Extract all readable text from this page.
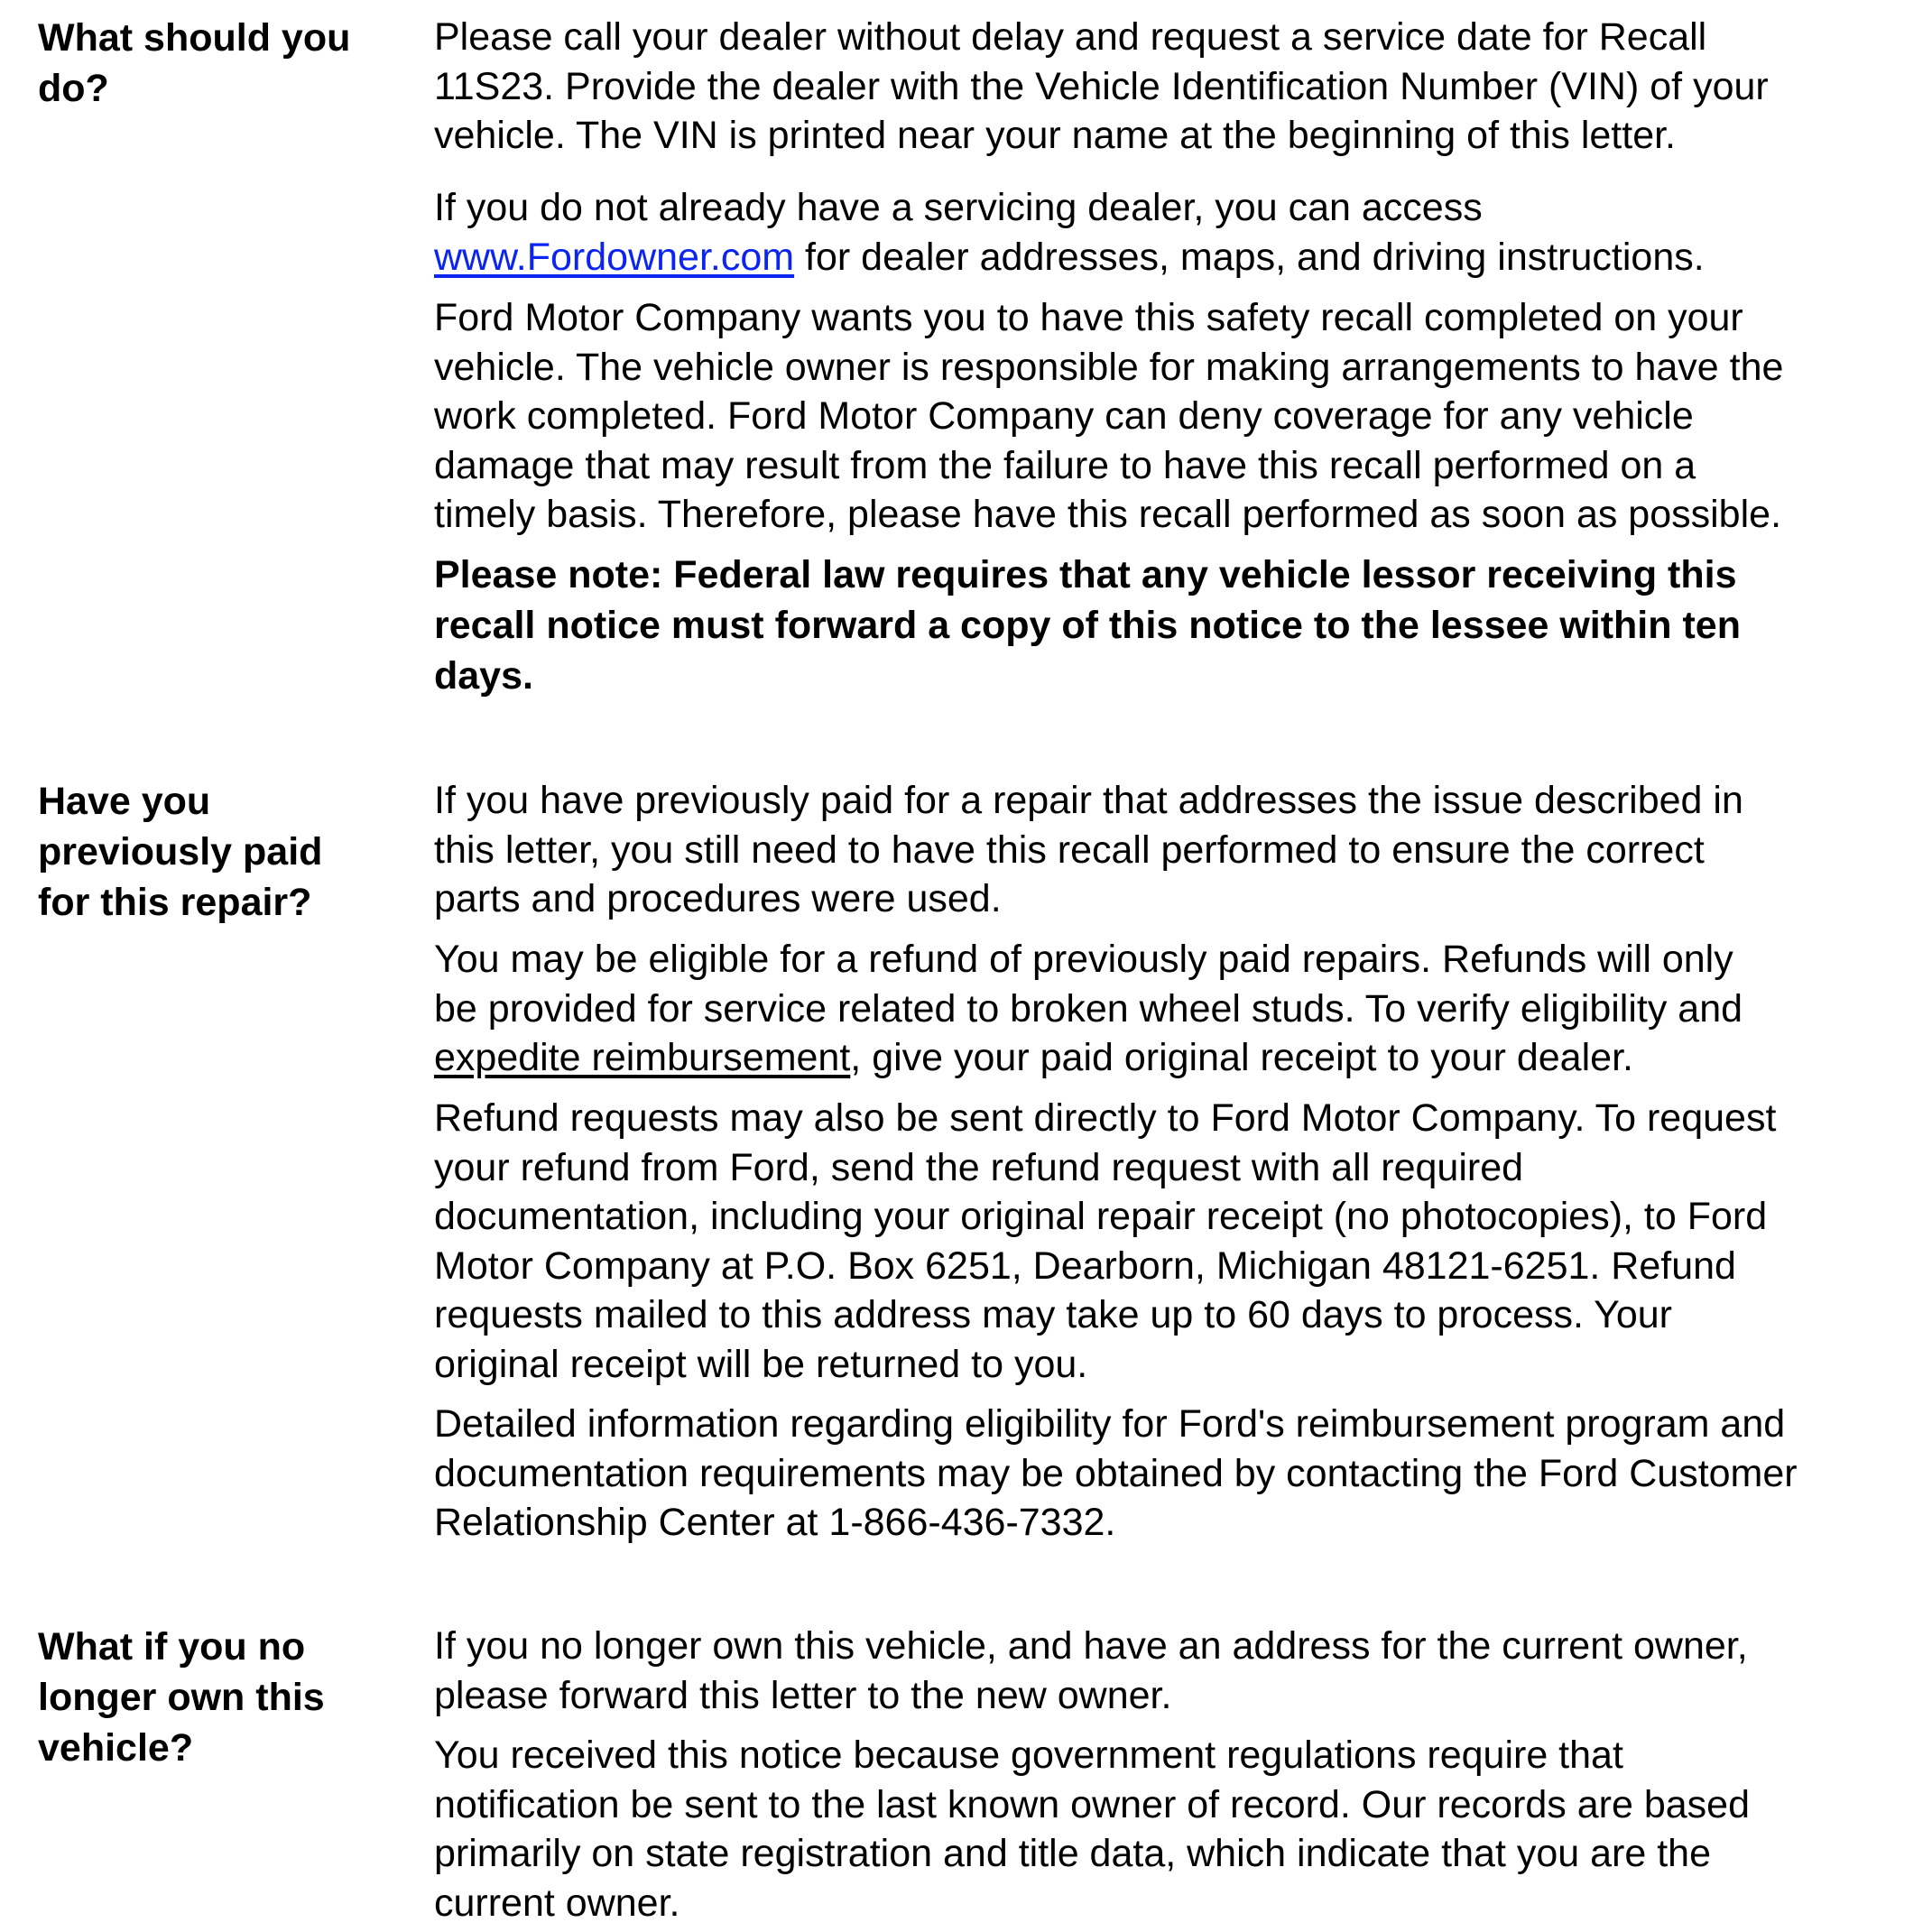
What should you do?

Please call your dealer without delay and request a service date for Recall
11S23. Provide the dealer with the Vehicle Identification Number (VIN) of your
vehicle. The VIN is printed near your name at the beginning of this letter.

If you do not already have a servicing dealer, you can access
www.Fordowner.com for dealer addresses, maps, and driving instructions.

Ford Motor Company wants you to have this safety recall completed on your
vehicle. The vehicle owner is responsible for making arrangements to have the
work completed. Ford Motor Company can deny coverage for any vehicle
damage that may result from the failure to have this recall performed on a
timely basis. Therefore, please have this recall performed as soon as possible.

Please note: Federal law requires that any vehicle lessor receiving this
recall notice must forward a copy of this notice to the lessee within ten
days.

Have you
previously paid
for this repair?

If you have previously paid for a repair that addresses the issue described in
this letter, you still need to have this recall performed to ensure the correct
parts and procedures were used.

You may be eligible for a refund of previously paid repairs. Refunds will only
be provided for service related to broken wheel studs. To verify eligibility and
expedite reimbursement, give your paid original receipt to your dealer.

Refund requests may also be sent directly to Ford Motor Company. To request
your refund from Ford, send the refund request with all required
documentation, including your original repair receipt (no photocopies), to Ford
Motor Company at P.O. Box 6251, Dearborn, Michigan 48121-6251. Refund
requests mailed to this address may take up to 60 days to process. Your
original receipt will be returned to you.

Detailed information regarding eligibility for Ford's reimbursement program and
documentation requirements may be obtained by contacting the Ford Customer
Relationship Center at 1-866-436-7332.

What if you no
longer own this
vehicle?

If you no longer own this vehicle, and have an address for the current owner,
please forward this letter to the new owner.

You received this notice because government regulations require that
notification be sent to the last known owner of record. Our records are based
primarily on state registration and title data, which indicate that you are the
current owner.
